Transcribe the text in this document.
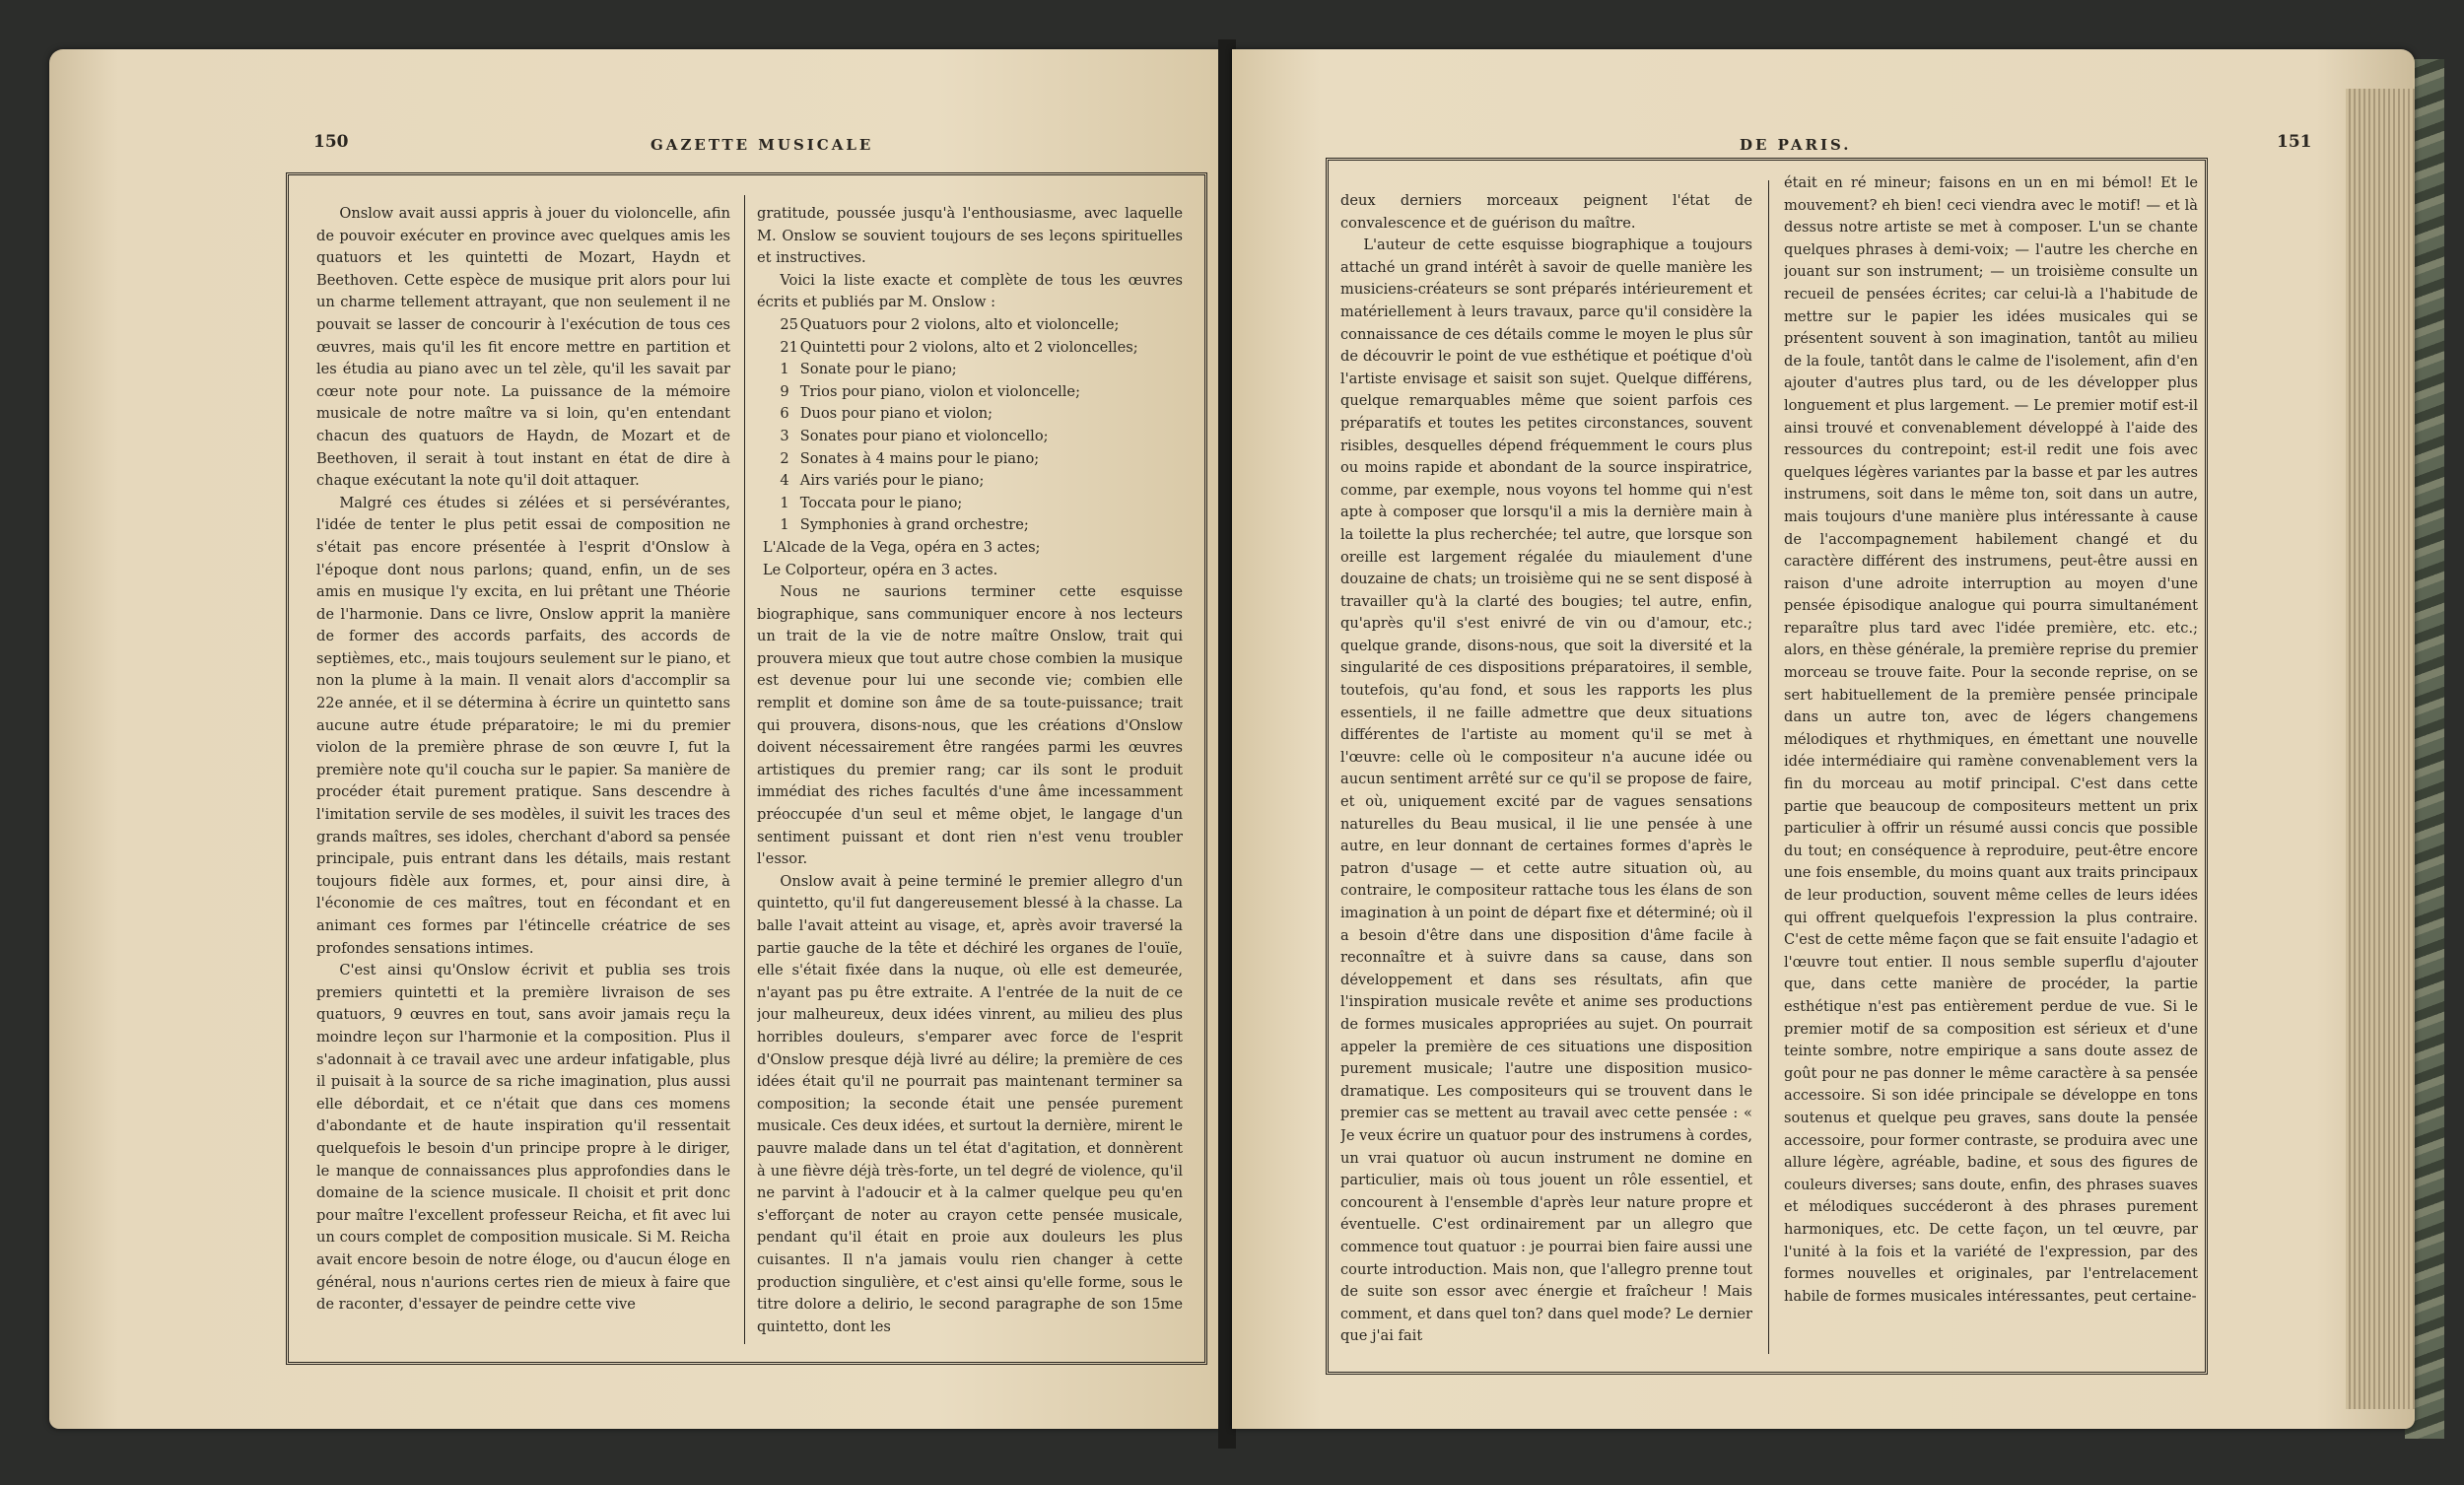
150	GAZETTE MUSICALE

Onslow avait aussi appris à jouer du violoncelle, afin de pouvoir exécuter en province avec quelques amis les quatuors et les quintetti de Mozart, Haydn et Beethoven. Cette espèce de musique prit alors pour lui un charme tellement attrayant, que non seulement il ne pouvait se lasser de concourir à l'exécution de tous ces œuvres, mais qu'il les fit encore mettre en partition et les étudia au piano avec un tel zèle, qu'il les savait par cœur note pour note. La puissance de la mémoire musicale de notre maître va si loin, qu'en entendant chacun des quatuors de Haydn, de Mozart et de Beethoven, il serait à tout instant en état de dire à chaque exécutant la note qu'il doit attaquer.

Malgré ces études si zélées et si persévérantes, l'idée de tenter le plus petit essai de composition ne s'était pas encore présentée à l'esprit d'Onslow à l'époque dont nous parlons; quand, enfin, un de ses amis en musique l'y excita, en lui prêtant une Théorie de l'harmonie. Dans ce livre, Onslow apprit la manière de former des accords parfaits, des accords de septièmes, etc., mais toujours seulement sur le piano, et non la plume à la main. Il venait alors d'accomplir sa 22e année, et il se détermina à écrire un quintetto sans aucune autre étude préparatoire; le mi du premier violon de la première phrase de son œuvre I, fut la première note qu'il coucha sur le papier. Sa manière de procéder était purement pratique. Sans descendre à l'imitation servile de ses modèles, il suivit les traces des grands maîtres, ses idoles, cherchant d'abord sa pensée principale, puis entrant dans les détails, mais restant toujours fidèle aux formes, et, pour ainsi dire, à l'économie de ces maîtres, tout en fécondant et en animant ces formes par l'étincelle créatrice de ses profondes sensations intimes.

C'est ainsi qu'Onslow écrivit et publia ses trois premiers quintetti et la première livraison de ses quatuors, 9 œuvres en tout, sans avoir jamais reçu la moindre leçon sur l'harmonie et la composition. Plus il s'adonnait à ce travail avec une ardeur infatigable, plus il puisait à la source de sa riche imagination, plus aussi elle débordait, et ce n'était que dans ces momens d'abondante et de haute inspiration qu'il ressentait quelquefois le besoin d'un principe propre à le diriger, le manque de connaissances plus approfondies dans le domaine de la science musicale. Il choisit et prit donc pour maître l'excellent professeur Reicha, et fit avec lui un cours complet de composition musicale. Si M. Reicha avait encore besoin de notre éloge, ou d'aucun éloge en général, nous n'aurions certes rien de mieux à faire que de raconter, d'essayer de peindre cette vive

gratitude, poussée jusqu'à l'enthousiasme, avec laquelle M. Onslow se souvient toujours de ses leçons spirituelles et instructives.

Voici la liste exacte et complète de tous les œuvres écrits et publiés par M. Onslow :

25 Quatuors pour 2 violons, alto et violoncelle;
21 Quintetti pour 2 violons, alto et 2 violoncelles;
1 Sonate pour le piano;
9 Trios pour piano, violon et violoncelle;
6 Duos pour piano et violon;
3 Sonates pour piano et violoncello;
2 Sonates à 4 mains pour le piano;
4 Airs variés pour le piano;
1 Toccata pour le piano;
1 Symphonies à grand orchestre;
L'Alcade de la Vega, opéra en 3 actes;
Le Colporteur, opéra en 3 actes.

Nous ne saurions terminer cette esquisse biographique, sans communiquer encore à nos lecteurs un trait de la vie de notre maître Onslow, trait qui prouvera mieux que tout autre chose combien la musique est devenue pour lui une seconde vie; combien elle remplit et domine son âme de sa toute-puissance; trait qui prouvera, disons-nous, que les créations d'Onslow doivent nécessairement être rangées parmi les œuvres artistiques du premier rang; car ils sont le produit immédiat des riches facultés d'une âme incessamment préoccupée d'un seul et même objet, le langage d'un sentiment puissant et dont rien n'est venu troubler l'essor.

Onslow avait à peine terminé le premier allegro d'un quintetto, qu'il fut dangereusement blessé à la chasse. La balle l'avait atteint au visage, et, après avoir traversé la partie gauche de la tête et déchiré les organes de l'ouïe, elle s'était fixée dans la nuque, où elle est demeurée, n'ayant pas pu être extraite. A l'entrée de la nuit de ce jour malheureux, deux idées vinrent, au milieu des plus horribles douleurs, s'emparer avec force de l'esprit d'Onslow presque déjà livré au délire; la première de ces idées était qu'il ne pourrait pas maintenant terminer sa composition; la seconde était une pensée purement musicale. Ces deux idées, et surtout la dernière, mirent le pauvre malade dans un tel état d'agitation, et donnèrent à une fièvre déjà très-forte, un tel degré de violence, qu'il ne parvint à l'adoucir et à la calmer quelque peu qu'en s'efforçant de noter au crayon cette pensée musicale, pendant qu'il était en proie aux douleurs les plus cuisantes. Il n'a jamais voulu rien changer à cette production singulière, et c'est ainsi qu'elle forme, sous le titre dolore a delirio, le second paragraphe de son 15me quintetto, dont les

DE PARIS.	151

deux derniers morceaux peignent l'état de convalescence et de guérison du maître.

L'auteur de cette esquisse biographique a toujours attaché un grand intérêt à savoir de quelle manière les musiciens-créateurs se sont préparés intérieurement et matériellement à leurs travaux, parce qu'il considère la connaissance de ces détails comme le moyen le plus sûr de découvrir le point de vue esthétique et poétique d'où l'artiste envisage et saisit son sujet. Quelque différens, quelque remarquables même que soient parfois ces préparatifs et toutes les petites circonstances, souvent risibles, desquelles dépend fréquemment le cours plus ou moins rapide et abondant de la source inspiratrice, comme, par exemple, nous voyons tel homme qui n'est apte à composer que lorsqu'il a mis la dernière main à la toilette la plus recherchée; tel autre, que lorsque son oreille est largement régalée du miaulement d'une douzaine de chats; un troisième qui ne se sent disposé à travailler qu'à la clarté des bougies; tel autre, enfin, qu'après qu'il s'est enivré de vin ou d'amour, etc.; quelque grande, disons-nous, que soit la diversité et la singularité de ces dispositions préparatoires, il semble, toutefois, qu'au fond, et sous les rapports les plus essentiels, il ne faille admettre que deux situations différentes de l'artiste au moment qu'il se met à l'œuvre: celle où le compositeur n'a aucune idée ou aucun sentiment arrêté sur ce qu'il se propose de faire, et où, uniquement excité par de vagues sensations naturelles du Beau musical, il lie une pensée à une autre, en leur donnant de certaines formes d'après le patron d'usage — et cette autre situation où, au contraire, le compositeur rattache tous les élans de son imagination à un point de départ fixe et déterminé; où il a besoin d'être dans une disposition d'âme facile à reconnaître et à suivre dans sa cause, dans son développement et dans ses résultats, afin que l'inspiration musicale revête et anime ses productions de formes musicales appropriées au sujet. On pourrait appeler la première de ces situations une disposition purement musicale; l'autre une disposition musico-dramatique. Les compositeurs qui se trouvent dans le premier cas se mettent au travail avec cette pensée : « Je veux écrire un quatuor pour des instrumens à cordes, un vrai quatuor où aucun instrument ne domine en particulier, mais où tous jouent un rôle essentiel, et concourent à l'ensemble d'après leur nature propre et éventuelle. C'est ordinairement par un allegro que commence tout quatuor : je pourrai bien faire aussi une courte introduction. Mais non, que l'allegro prenne tout de suite son essor avec énergie et fraîcheur ! Mais comment, et dans quel ton? dans quel mode? Le dernier que j'ai fait

était en ré mineur; faisons en un en mi bémol! Et le mouvement? eh bien! ceci viendra avec le motif! — et là dessus notre artiste se met à composer. L'un se chante quelques phrases à demi-voix; — l'autre les cherche en jouant sur son instrument; — un troisième consulte un recueil de pensées écrites; car celui-là a l'habitude de mettre sur le papier les idées musicales qui se présentent souvent à son imagination, tantôt au milieu de la foule, tantôt dans le calme de l'isolement, afin d'en ajouter d'autres plus tard, ou de les développer plus longuement et plus largement. — Le premier motif est-il ainsi trouvé et convenablement développé à l'aide des ressources du contrepoint; est-il redit une fois avec quelques légères variantes par la basse et par les autres instrumens, soit dans le même ton, soit dans un autre, mais toujours d'une manière plus intéressante à cause de l'accompagnement habilement changé et du caractère différent des instrumens, peut-être aussi en raison d'une adroite interruption au moyen d'une pensée épisodique analogue qui pourra simultanément reparaître plus tard avec l'idée première, etc. etc.; alors, en thèse générale, la première reprise du premier morceau se trouve faite. Pour la seconde reprise, on se sert habituellement de la première pensée principale dans un autre ton, avec de légers changemens mélodiques et rhythmiques, en émettant une nouvelle idée intermédiaire qui ramène convenablement vers la fin du morceau au motif principal. C'est dans cette partie que beaucoup de compositeurs mettent un prix particulier à offrir un résumé aussi concis que possible du tout; en conséquence à reproduire, peut-être encore une fois ensemble, du moins quant aux traits principaux de leur production, souvent même celles de leurs idées qui offrent quelquefois l'expression la plus contraire. C'est de cette même façon que se fait ensuite l'adagio et l'œuvre tout entier. Il nous semble superflu d'ajouter que, dans cette manière de procéder, la partie esthétique n'est pas entièrement perdue de vue. Si le premier motif de sa composition est sérieux et d'une teinte sombre, notre empirique a sans doute assez de goût pour ne pas donner le même caractère à sa pensée accessoire. Si son idée principale se développe en tons soutenus et quelque peu graves, sans doute la pensée accessoire, pour former contraste, se produira avec une allure légère, agréable, badine, et sous des figures de couleurs diverses; sans doute, enfin, des phrases suaves et mélodiques succéderont à des phrases purement harmoniques, etc. De cette façon, un tel œuvre, par l'unité à la fois et la variété de l'expression, par des formes nouvelles et originales, par l'entrelacement habile de formes musicales intéressantes, peut certaine-
